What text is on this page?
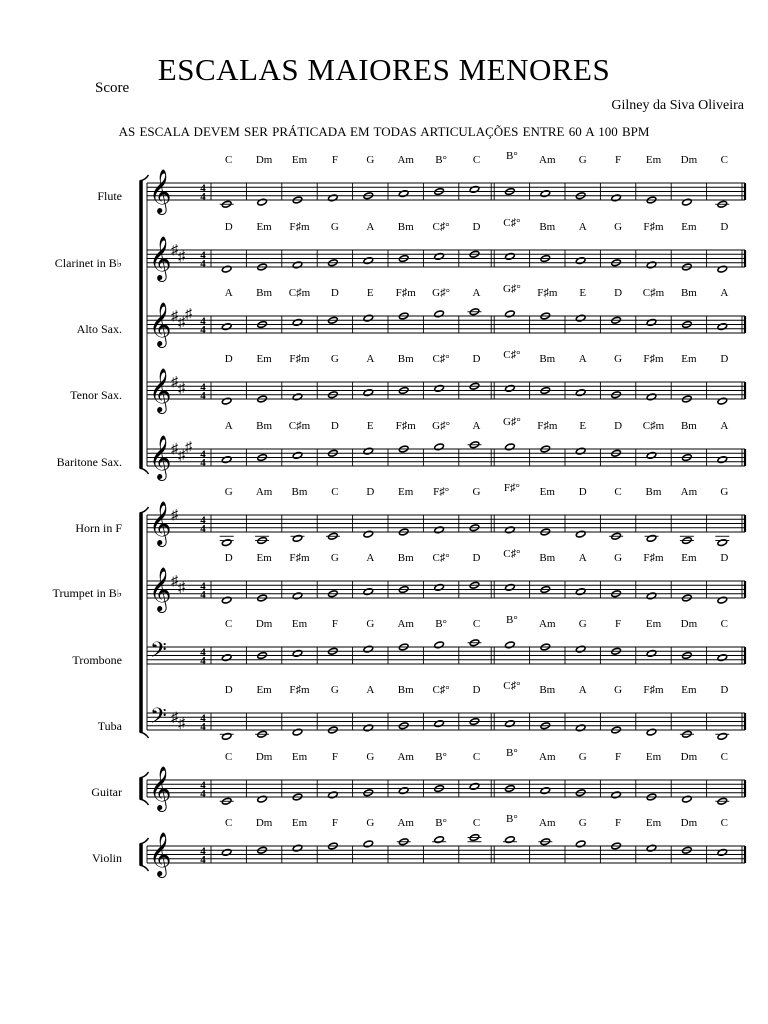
ESCALAS MAIORES MENORES
Score
Gilney da Siva Oliveira
AS ESCALA DEVEM SER PRÁTICADA EM TODAS ARTICULAÇÕES ENTRE 60 A 100 BPM
Flute
Clarinet in B♭
Alto Sax.
Tenor Sax.
Baritone Sax.
Horn in F
Trumpet in B♭
Trombone
Tuba
Guitar
Violin
𝄞	4
4
C Dm Em F	G Am B° C B° Am G	F Em Dm C
𝄞 ♯ ♯ 4
4
D Em F♯m G A Bm C♯° D C♯° Bm A G F♯m Em D
𝄞 ♯ ♯
♯ 4
4
A Bm C♯m D	E F♯m G♯° A G♯° F♯m E	D C♯m Bm A
𝄞 ♯ ♯ 4
4
D Em F♯m G A Bm C♯° D C♯° Bm A G F♯m Em D
𝄞 ♯ ♯
♯ 4
4
A Bm C♯m D	E F♯m G♯° A G♯° F♯m E	D C♯m Bm A
𝄞 ♯ 4
4
G Am Bm C	D Em F♯° G F♯° Em D	C Bm Am G
𝄞 ♯ ♯ 4
4
D Em F♯m G A Bm C♯° D C♯° Bm A G F♯m Em D
𝄢	4
4
C Dm Em F	G Am B° C B° Am G	F Em Dm C
𝄢 ♯ ♯ 4
4
D Em F♯m G A Bm C♯° D C♯° Bm A G F♯m Em D
𝄞	4
4
C Dm Em F	G Am B° C B° Am G	F Em Dm C
𝄞	4
4
C Dm Em F	G Am B° C B° Am G	F Em Dm C
